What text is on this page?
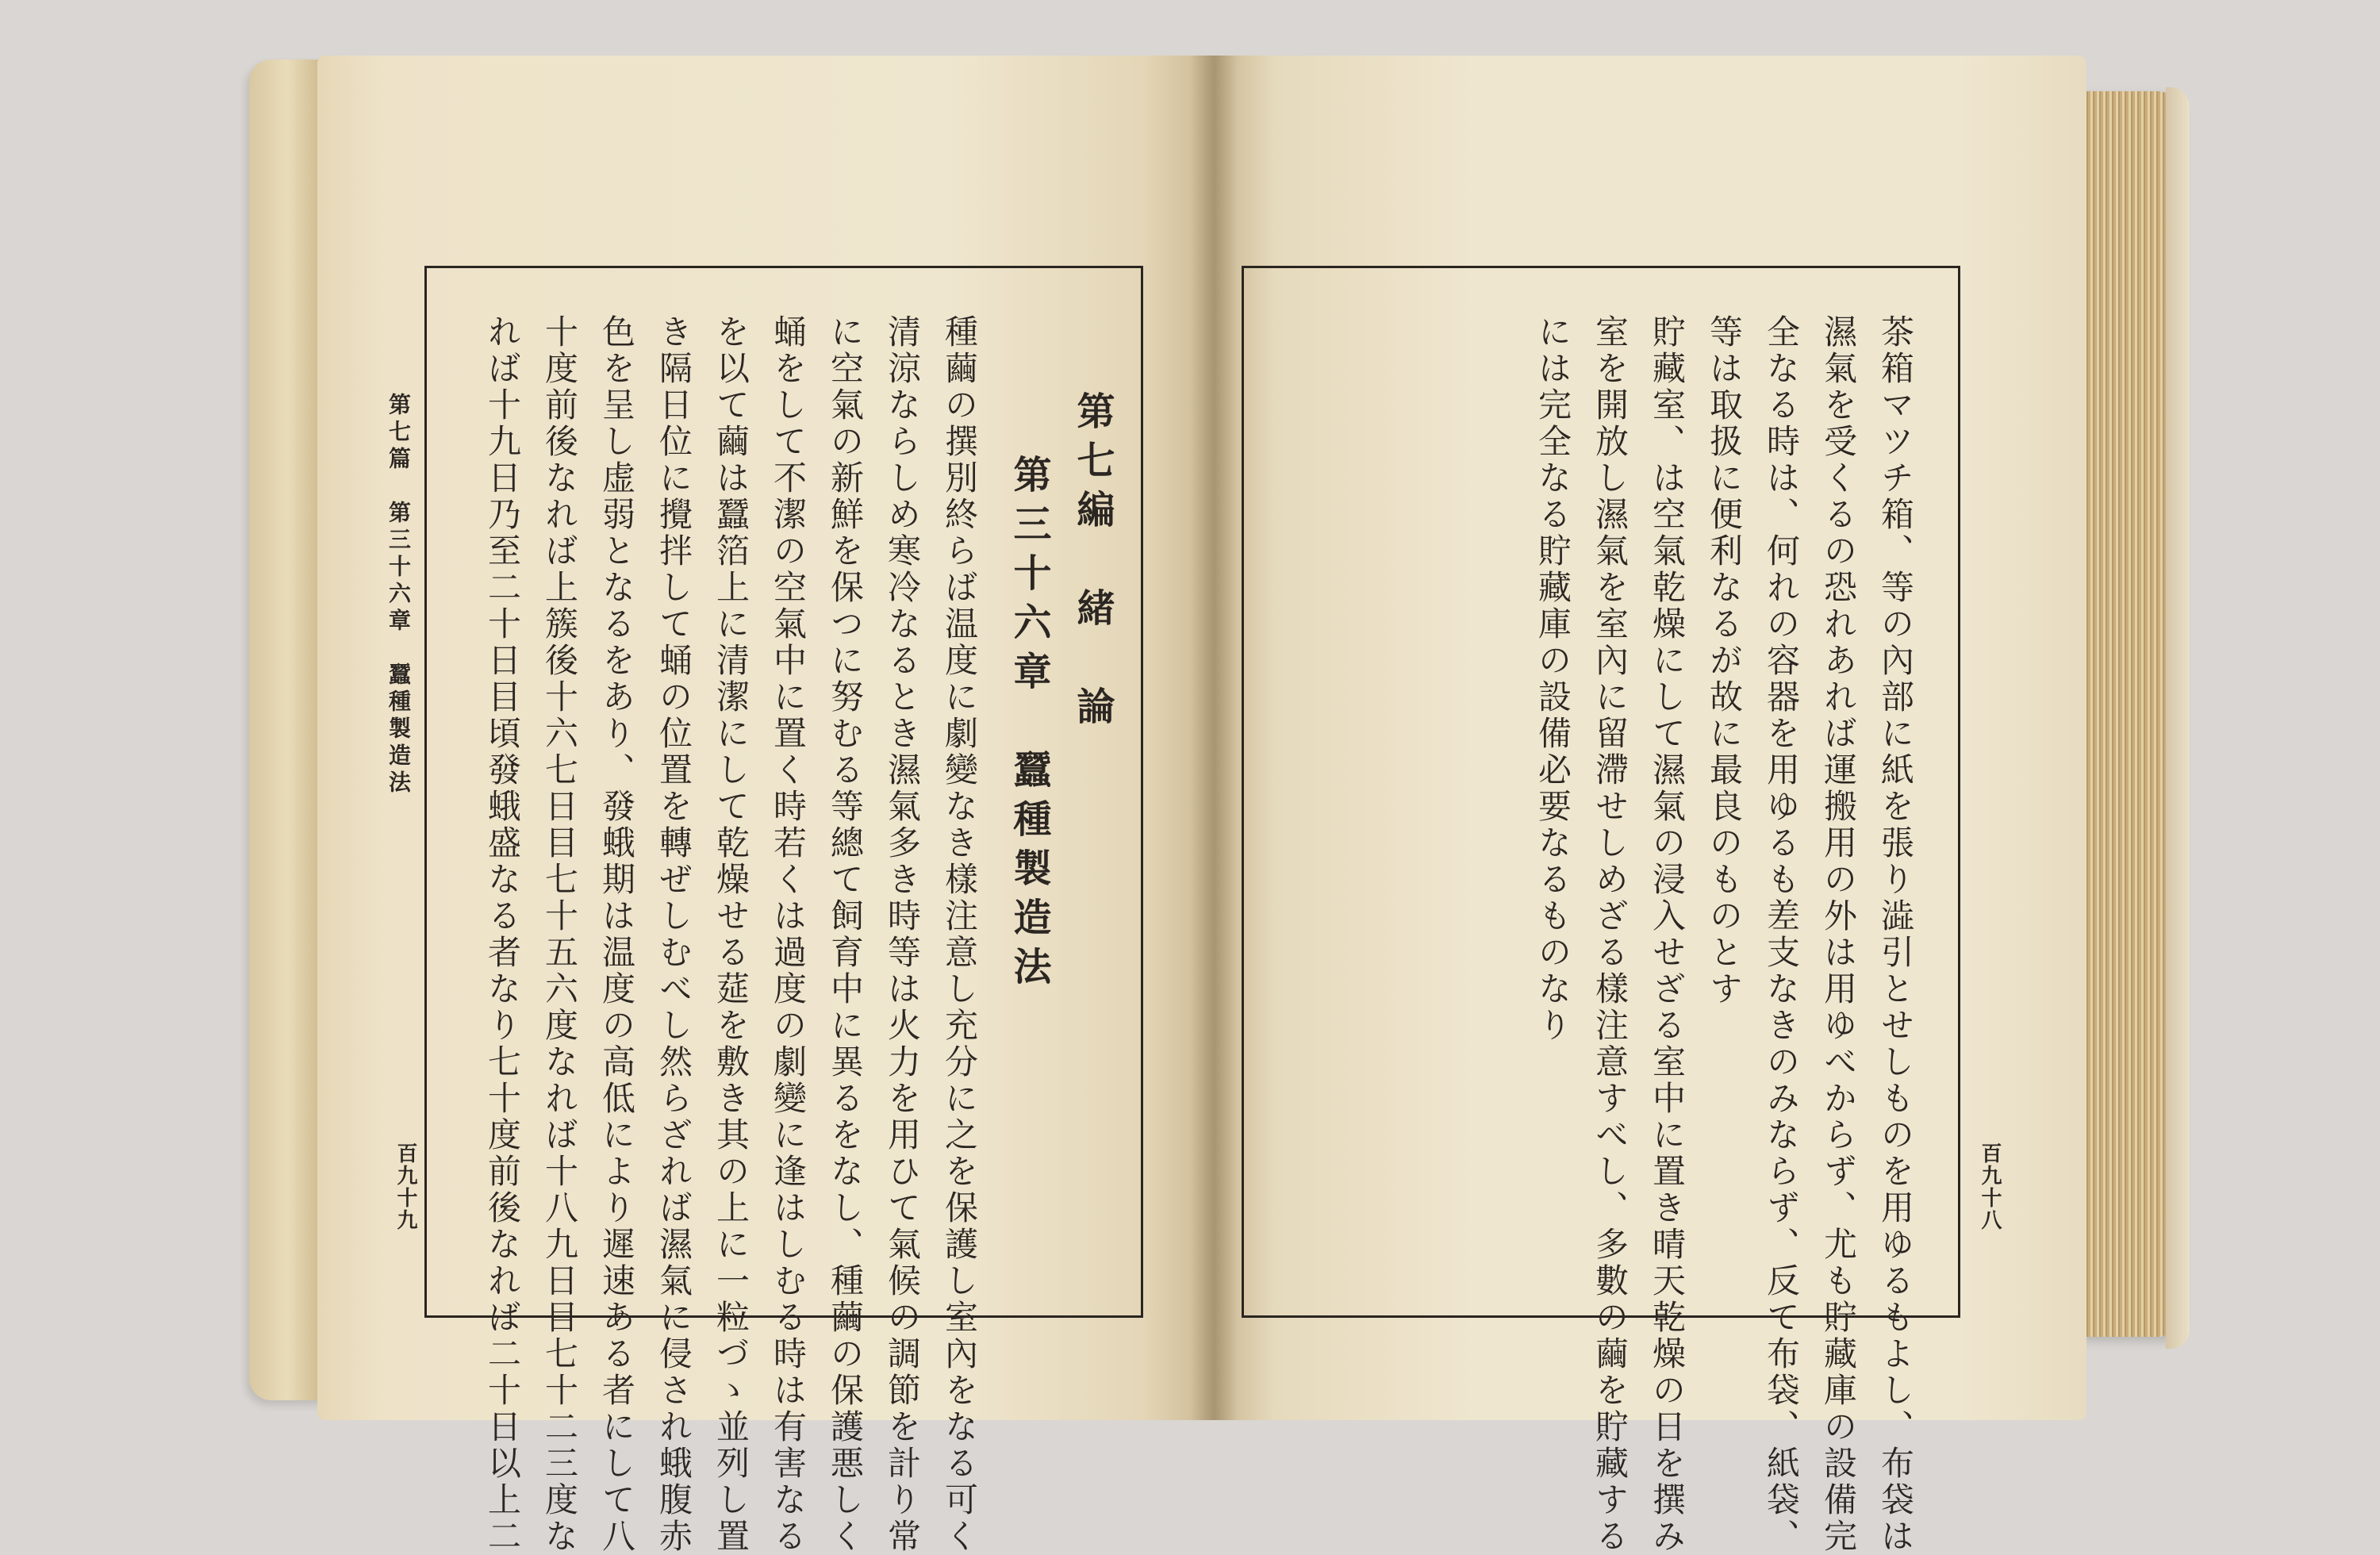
第七篇　第三十六章　蠶種製造法
百九十九
第七編　緒　論
第三十六章　蠶種製造法
種繭の撰別終らば温度に劇變なき樣注意し充分に之を保護し室內をなる可く
清涼ならしめ寒冷なるとき濕氣多き時等は火力を用ひて氣候の調節を計り常
に空氣の新鮮を保つに努むる等總て飼育中に異るをなし、種繭の保護悪しく
蛹をして不潔の空氣中に置く時若くは過度の劇變に逢はしむる時は有害なる
を以て繭は蠶箔上に清潔にして乾燥せる莚を敷き其の上に一粒づゝ並列し置
き隔日位に攪拌して蛹の位置を轉ぜしむべし然らざれば濕氣に侵され蛾腹赤
色を呈し虚弱となるをあり、發蛾期は温度の高低により遲速ある者にして八
十度前後なれば上簇後十六七日目七十五六度なれば十八九日目七十二三度な
れば十九日乃至二十日目頃發蛾盛なる者なり七十度前後なれば二十日以上二	茶箱マツチ箱、等の內部に紙を張り澁引とせしものを用ゆるもよし、布袋は
濕氣を受くるの恐れあれば運搬用の外は用ゆべからず、尤も貯藏庫の設備完
全なる時は、何れの容器を用ゆるも差支なきのみならず、反て布袋、紙袋、
等は取扱に便利なるが故に最良のものとす
貯藏室、は空氣乾燥にして濕氣の浸入せざる室中に置き晴天乾燥の日を撰み
室を開放し濕氣を室內に留滯せしめざる樣注意すべし、多數の繭を貯藏する
には完全なる貯藏庫の設備必要なるものなり
百九十八
